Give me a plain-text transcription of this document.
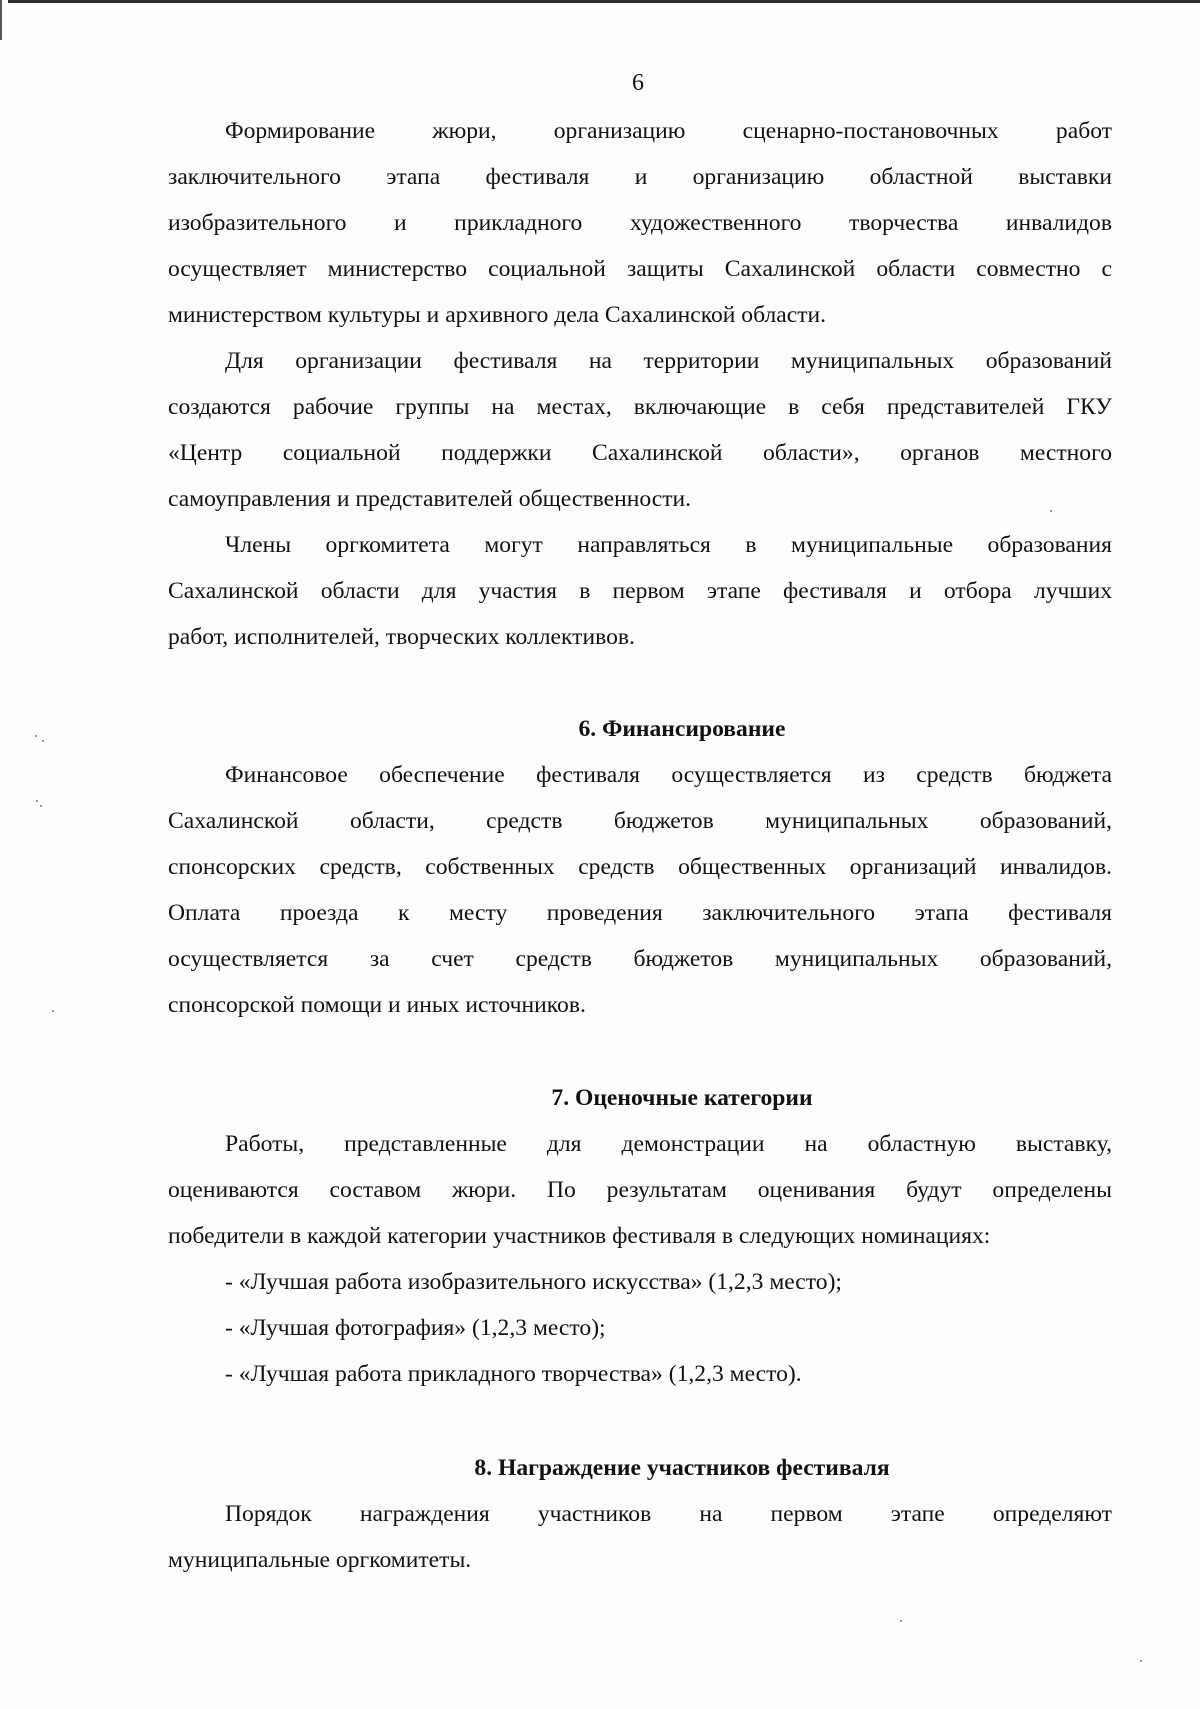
6
Формирование жюри, организацию сценарно-постановочных работ
заключительного этапа фестиваля и организацию областной выставки
изобразительного и прикладного художественного творчества инвалидов
осуществляет министерство социальной защиты Сахалинской области совместно с
министерством культуры и архивного дела Сахалинской области.
Для организации фестиваля на территории муниципальных образований
создаются рабочие группы на местах, включающие в себя представителей ГКУ
«Центр социальной поддержки Сахалинской области», органов местного
самоуправления и представителей общественности.
Члены оргкомитета могут направляться в муниципальные образования
Сахалинской области для участия в первом этапе фестиваля и отбора лучших
работ, исполнителей, творческих коллективов.
6. Финансирование
Финансовое обеспечение фестиваля осуществляется из средств бюджета
Сахалинской области, средств бюджетов муниципальных образований,
спонсорских средств, собственных средств общественных организаций инвалидов.
Оплата проезда к месту проведения заключительного этапа фестиваля
осуществляется за счет средств бюджетов муниципальных образований,
спонсорской помощи и иных источников.
7. Оценочные категории
Работы, представленные для демонстрации на областную выставку,
оцениваются составом жюри. По результатам оценивания будут определены
победители в каждой категории участников фестиваля в следующих номинациях:
- «Лучшая работа изобразительного искусства» (1,2,3 место);
- «Лучшая фотография» (1,2,3 место);
- «Лучшая работа прикладного творчества» (1,2,3 место).
8. Награждение участников фестиваля
Порядок награждения участников на первом этапе определяют
муниципальные оргкомитеты.
